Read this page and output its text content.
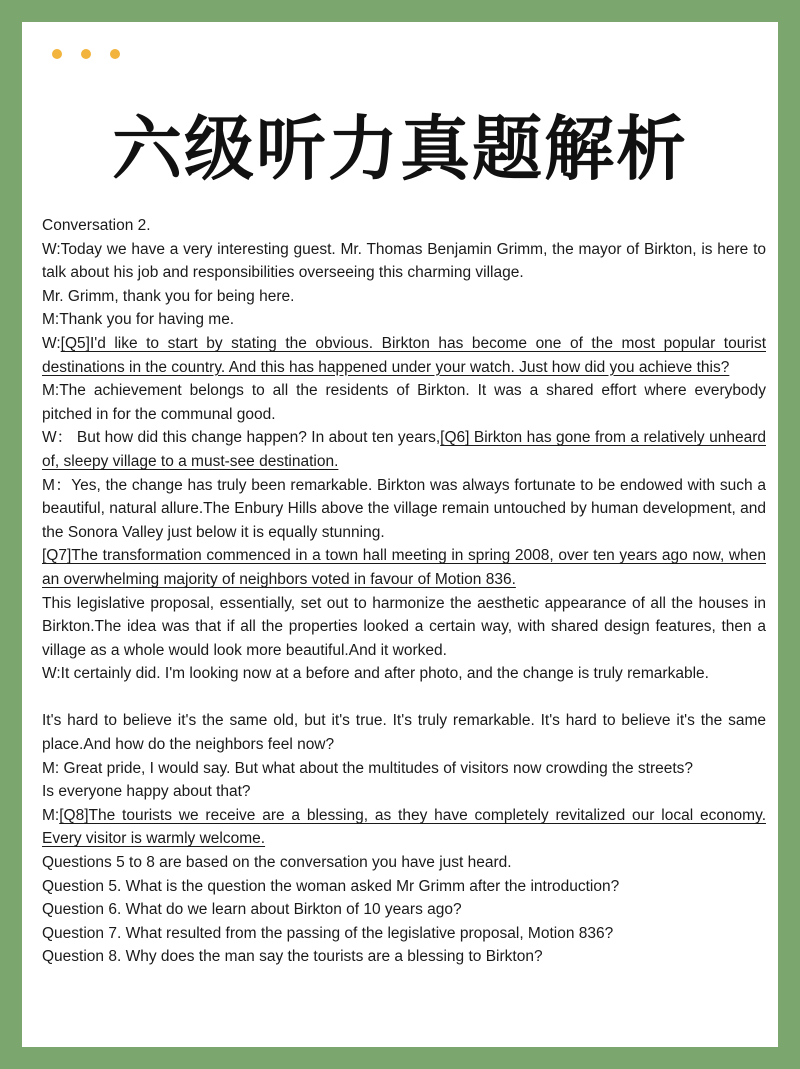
六级听力真题解析

Conversation 2.

W:Today we have a very interesting guest. Mr. Thomas Benjamin Grimm, the mayor of Birkton, is here to talk about his job and responsibilities overseeing this charming village.

Mr. Grimm, thank you for being here.

M:Thank you for having me.

W:[Q5]I'd like to start by stating the obvious. Birkton has become one of the most popular tourist destinations in the country. And this has happened under your watch. Just how did you achieve this?

M:The achievement belongs to all the residents of Birkton. It was a shared effort where everybody pitched in for the communal good.

W： But how did this change happen? In about ten years,[Q6] Birkton has gone from a relatively unheard of, sleepy village to a must-see destination.

M：Yes, the change has truly been remarkable. Birkton was always fortunate to be endowed with such a beautiful, natural allure.The Enbury Hills above the village remain untouched by human development, and the Sonora Valley just below it is equally stunning.

[Q7]The transformation commenced in a town hall meeting in spring 2008, over ten years ago now, when an overwhelming majority of neighbors voted in favour of Motion 836.

This legislative proposal, essentially, set out to harmonize the aesthetic appearance of all the houses in Birkton.The idea was that if all the properties looked a certain way, with shared design features, then a village as a whole would look more beautiful.And it worked.

W:It certainly did. I'm looking now at a before and after photo, and the change is truly remarkable.

It's hard to believe it's the same old, but it's true. It's truly remarkable. It's hard to believe it's the same place.And how do the neighbors feel now?

M: Great pride, I would say. But what about the multitudes of visitors now crowding the streets?

Is everyone happy about that?

M:[Q8]The tourists we receive are a blessing, as they have completely revitalized our local economy. Every visitor is warmly welcome.

Questions 5 to 8 are based on the conversation you have just heard.

Question 5. What is the question the woman asked Mr Grimm after the introduction?

Question 6. What do we learn about Birkton of 10 years ago?

Question 7. What resulted from the passing of the legislative proposal, Motion 836?

Question 8. Why does the man say the tourists are a blessing to Birkton?
